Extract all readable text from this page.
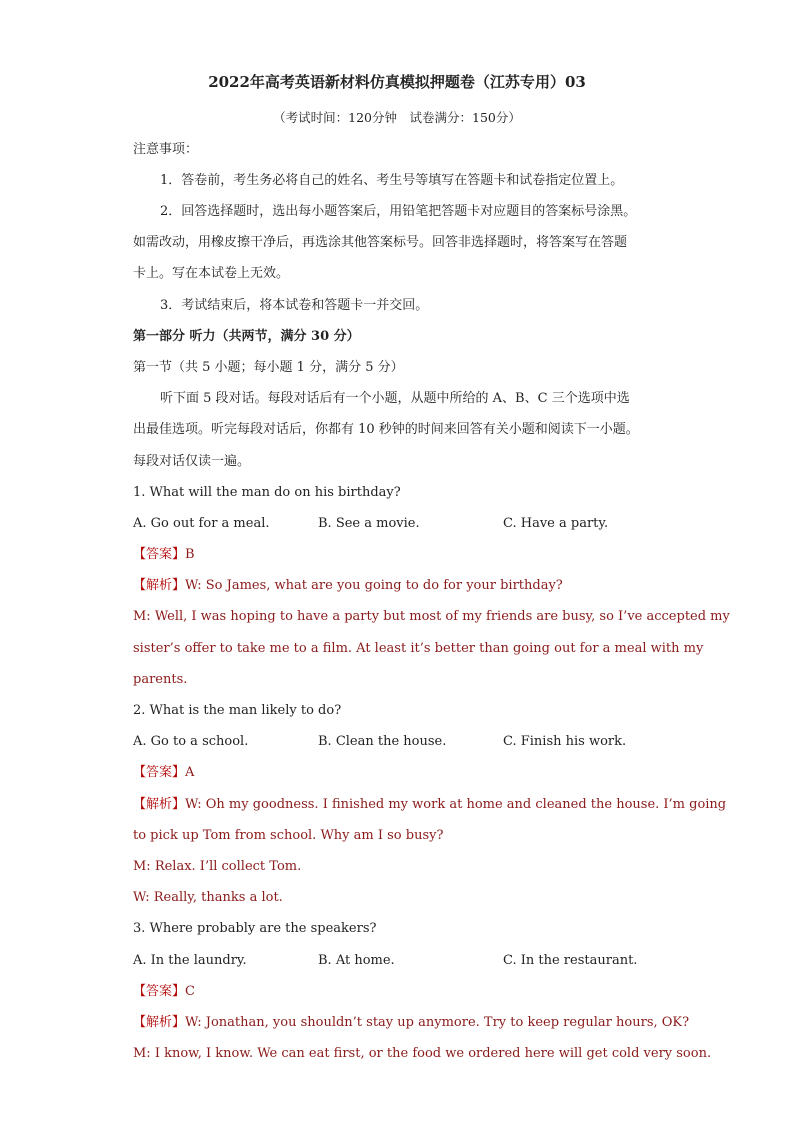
2022年高考英语新材料仿真模拟押题卷（江苏专用）03
（考试时间：120分钟　试卷满分：150分）
注意事项：
1．答卷前，考生务必将自己的姓名、考生号等填写在答题卡和试卷指定位置上。
2．回答选择题时，选出每小题答案后，用铅笔把答题卡对应题目的答案标号涂黑。
如需改动，用橡皮擦干净后，再选涂其他答案标号。回答非选择题时，将答案写在答题
卡上。写在本试卷上无效。
3．考试结束后，将本试卷和答题卡一并交回。
第一部分 听力（共两节，满分 30 分）
第一节（共 5 小题；每小题 1 分，满分 5 分）
听下面 5 段对话。每段对话后有一个小题，从题中所给的 A、B、C 三个选项中选
出最佳选项。听完每段对话后，你都有 10 秒钟的时间来回答有关小题和阅读下一小题。
每段对话仅读一遍。
1. What will the man do on his birthday?
A. Go out for a meal.	B. See a movie.	C. Have a party.
【答案】B
【解析】W: So James, what are you going to do for your birthday?
M: Well, I was hoping to have a party but most of my friends are busy, so I’ve accepted my
sister’s offer to take me to a film. At least it’s better than going out for a meal with my
parents.
2. What is the man likely to do?
A. Go to a school.	B. Clean the house.	C. Finish his work.
【答案】A
【解析】W: Oh my goodness. I finished my work at home and cleaned the house. I’m going
to pick up Tom from school. Why am I so busy?
M: Relax. I’ll collect Tom.
W: Really, thanks a lot.
3. Where probably are the speakers?
A. In the laundry.	B. At home.	C. In the restaurant.
【答案】C
【解析】W: Jonathan, you shouldn’t stay up anymore. Try to keep regular hours, OK?
M: I know, I know. We can eat first, or the food we ordered here will get cold very soon.
